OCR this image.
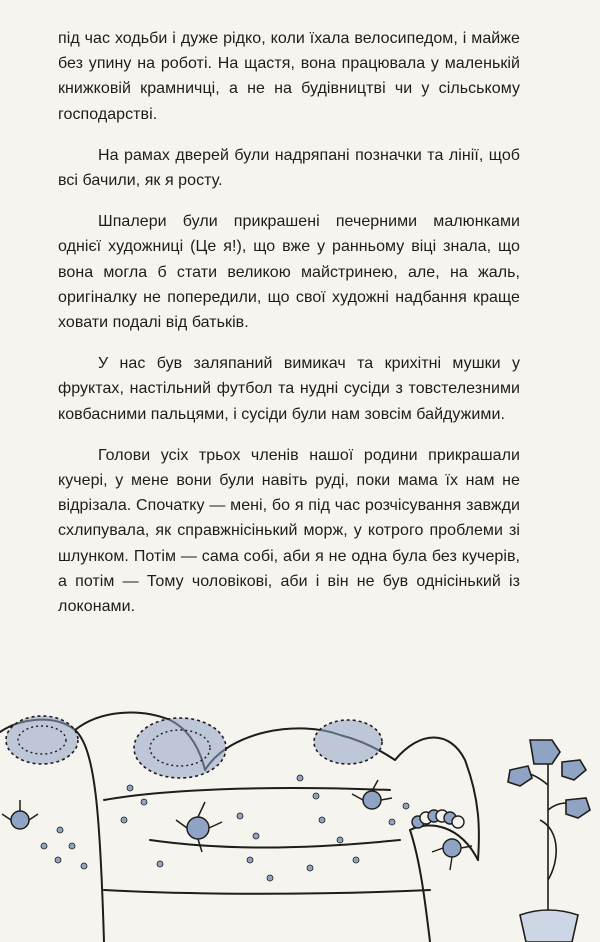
під час ходьби і дуже рідко, коли їхала велосипедом, і майже без упину на роботі. На щастя, вона працювала у маленькій книжковій крамничці, а не на будівництві чи у сільському господарстві.

На рамах дверей були надряпані позначки та лінії, щоб всі бачили, як я росту.

Шпалери були прикрашені печерними малюнками однієї художниці (Це я!), що вже у ранньому віці знала, що вона могла б стати великою майстринею, але, на жаль, оригіналку не попередили, що свої художні надбання краще ховати подалі від батьків.

У нас був заляпаний вимикач та крихітні мушки у фруктах, настільний футбол та нудні сусіди з товстелезними ковбасними пальцями, і сусіди були нам зовсім байдужими.

Голови усіх трьох членів нашої родини прикрашали кучері, у мене вони були навіть руді, поки мама їх нам не відрізала. Спочатку — мені, бо я під час розчісування завжди схлипувала, як справжнісінький морж, у котрого проблеми зі шлунком. Потім — сама собі, аби я не одна була без кучерів, а потім — Тому чоловікові, аби і він не був однісінький із локонами.
